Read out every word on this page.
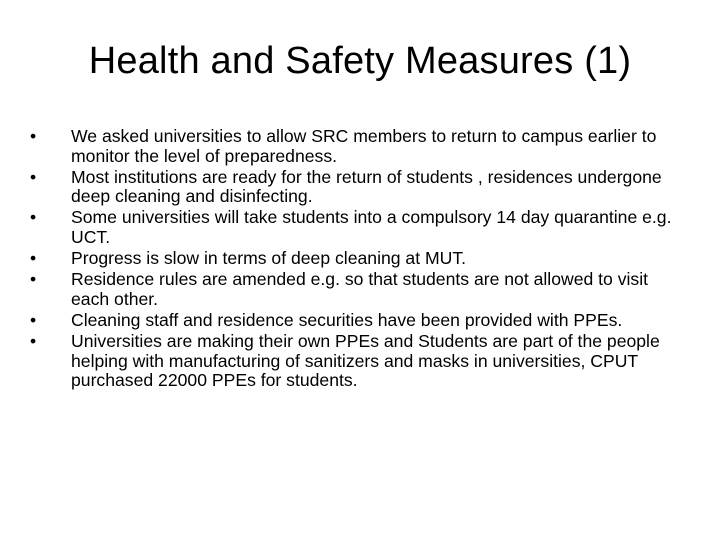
Health and Safety Measures (1)
•	We asked universities to allow SRC members to return to campus earlier to monitor the level of preparedness.
•	Most institutions are ready for the return of students , residences undergone deep cleaning and disinfecting.
•	Some universities will take students into a compulsory 14 day quarantine e.g. UCT.
•	Progress is slow in terms of deep cleaning at MUT.
•	Residence rules are amended e.g. so that students are not allowed to visit each other.
•	Cleaning staff and residence securities have been provided with PPEs.
•	Universities are making their own PPEs and Students are part of the people helping with manufacturing of sanitizers and masks in universities, CPUT purchased 22000 PPEs for students.
